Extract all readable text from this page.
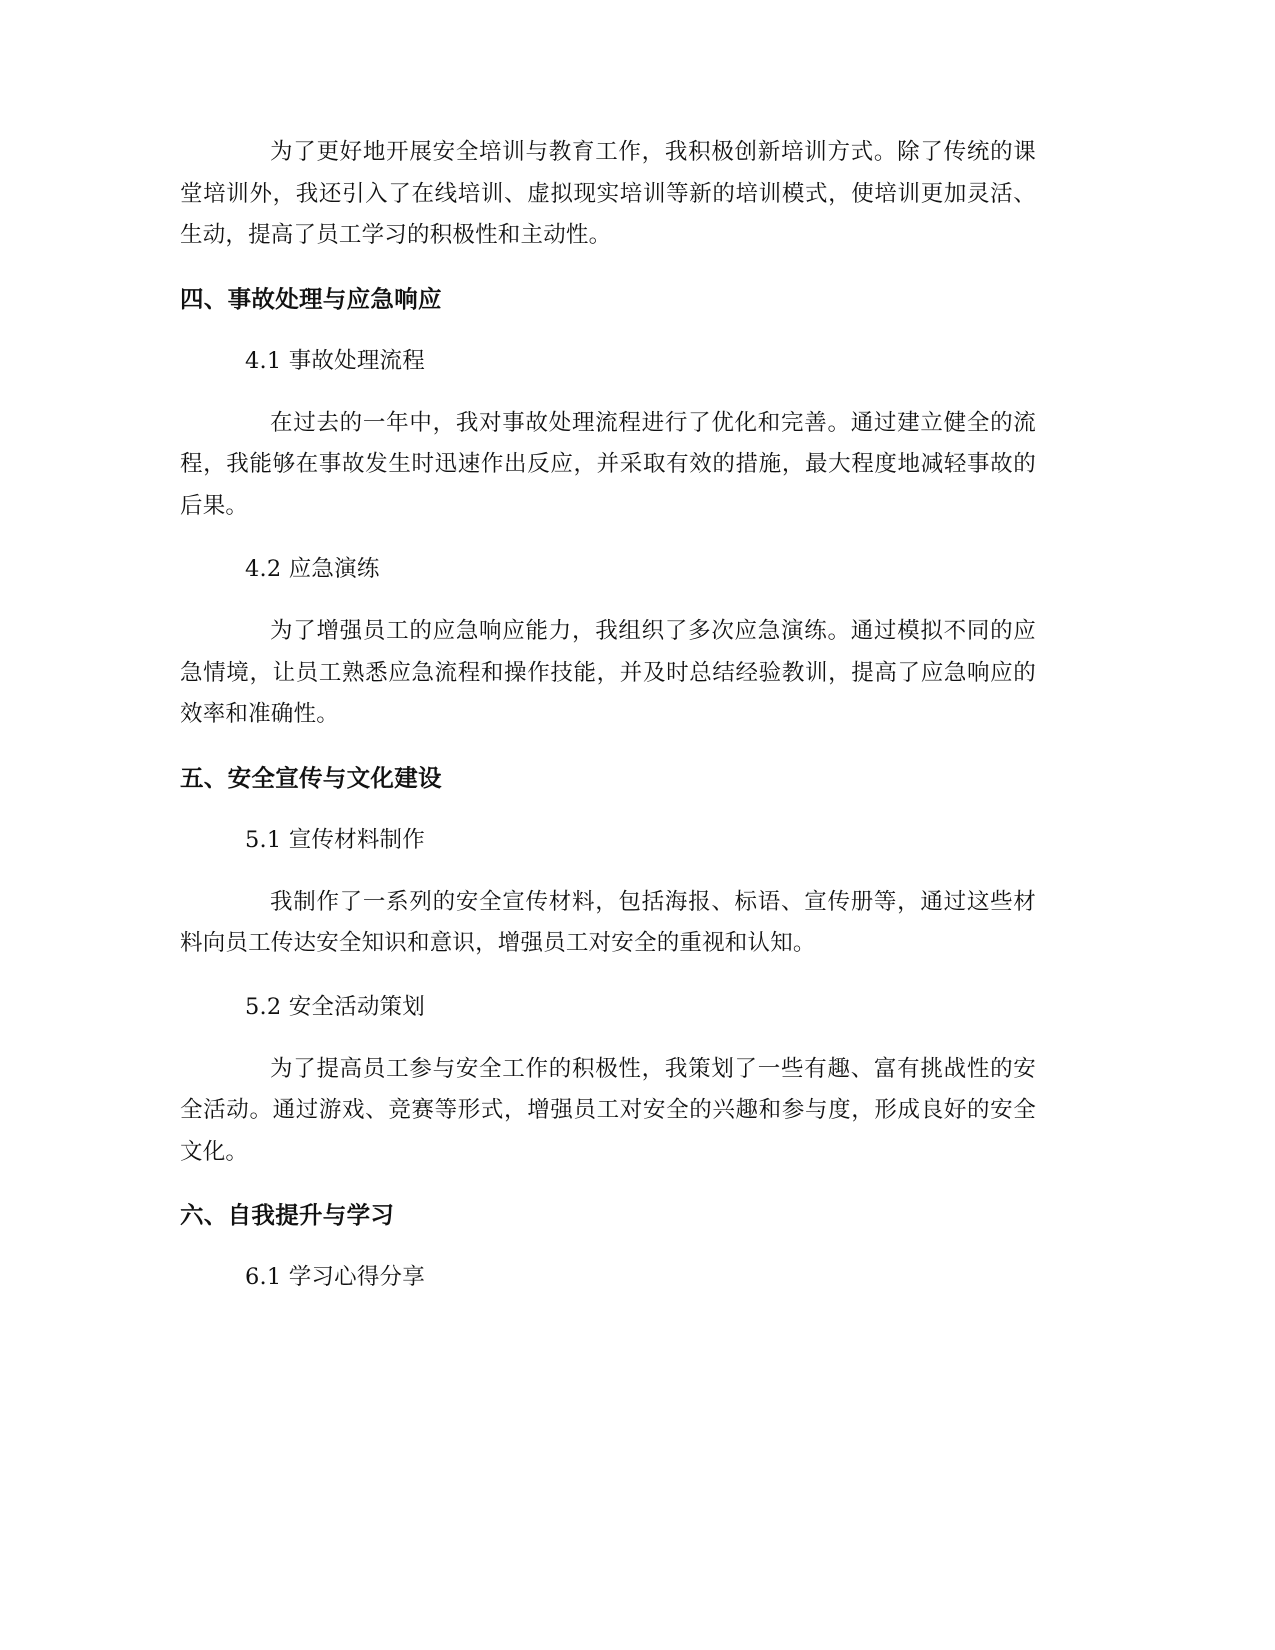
为了更好地开展安全培训与教育工作，我积极创新培训方式。除了传统的课堂培训外，我还引入了在线培训、虚拟现实培训等新的培训模式，使培训更加灵活、生动，提高了员工学习的积极性和主动性。

四、事故处理与应急响应
4.1 事故处理流程

在过去的一年中，我对事故处理流程进行了优化和完善。通过建立健全的流程，我能够在事故发生时迅速作出反应，并采取有效的措施，最大程度地减轻事故的后果。

4.2 应急演练

为了增强员工的应急响应能力，我组织了多次应急演练。通过模拟不同的应急情境，让员工熟悉应急流程和操作技能，并及时总结经验教训，提高了应急响应的效率和准确性。

五、安全宣传与文化建设
5.1 宣传材料制作

我制作了一系列的安全宣传材料，包括海报、标语、宣传册等，通过这些材料向员工传达安全知识和意识，增强员工对安全的重视和认知。

5.2 安全活动策划

为了提高员工参与安全工作的积极性，我策划了一些有趣、富有挑战性的安全活动。通过游戏、竞赛等形式，增强员工对安全的兴趣和参与度，形成良好的安全文化。

六、自我提升与学习
6.1 学习心得分享
